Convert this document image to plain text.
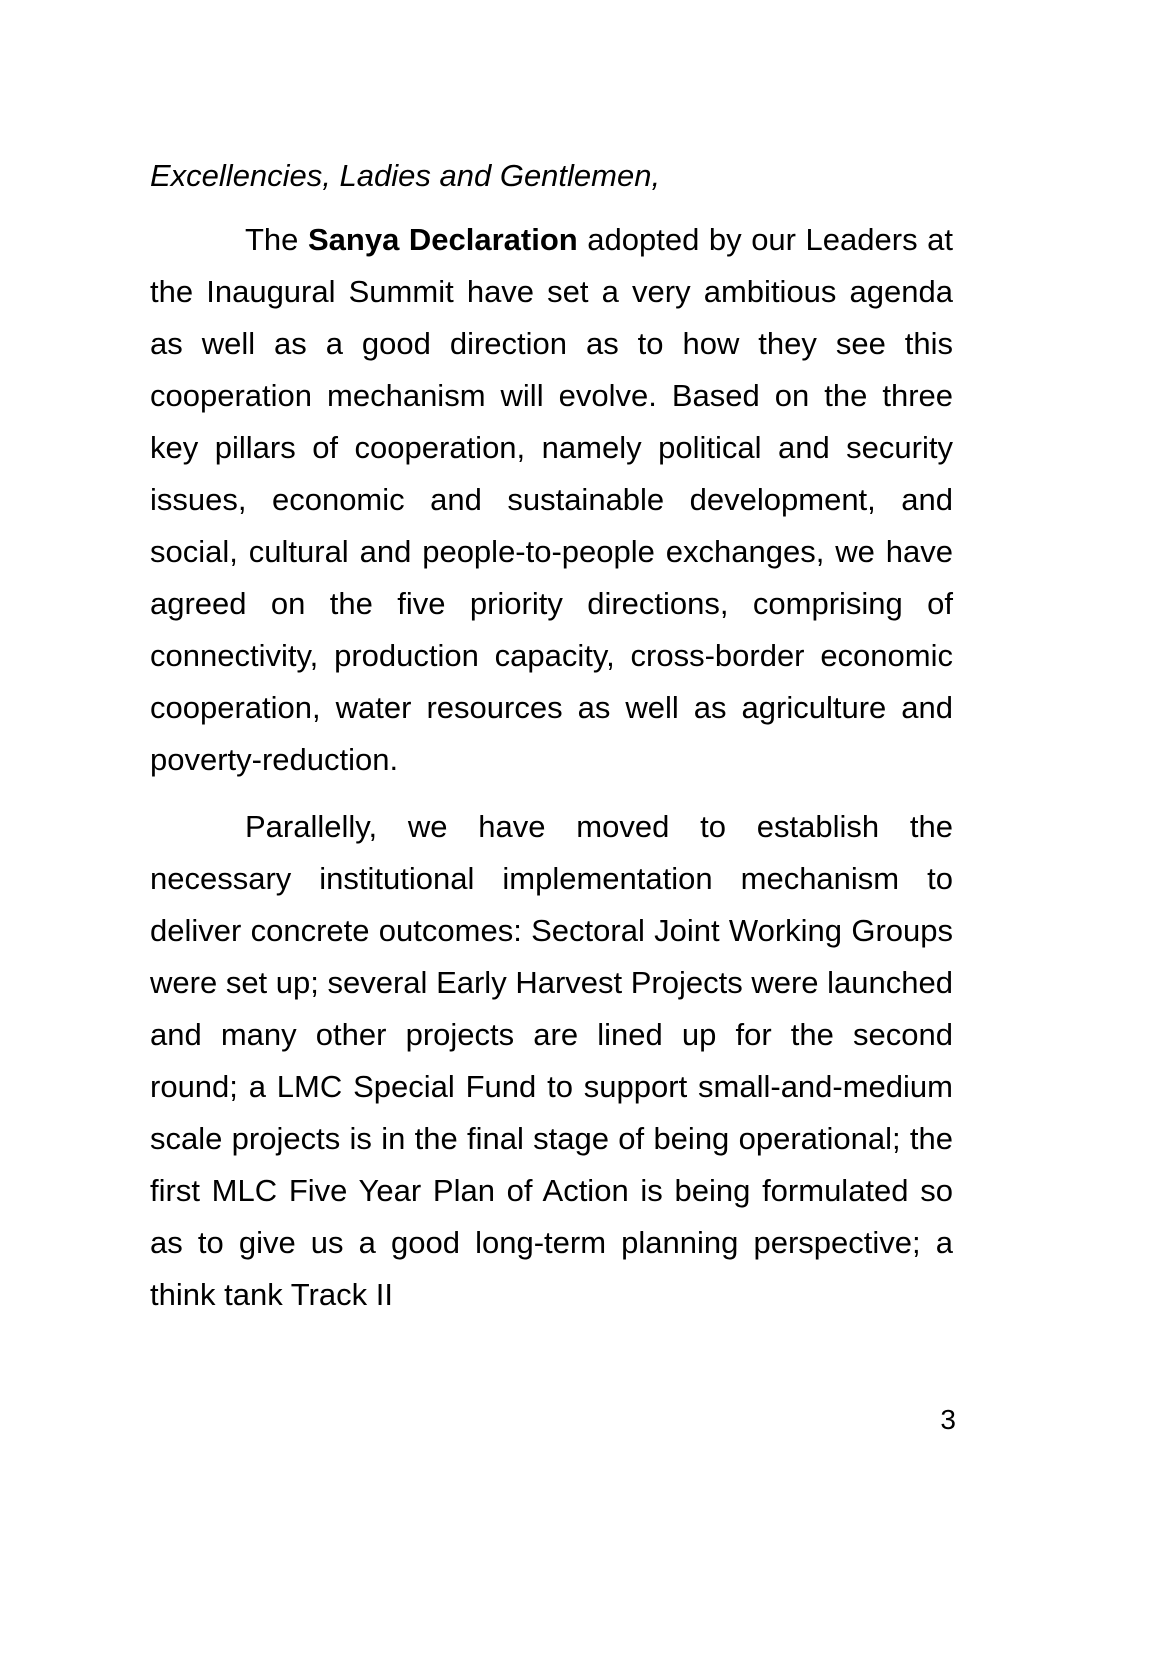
Excellencies, Ladies and Gentlemen,

The Sanya Declaration adopted by our Leaders at the Inaugural Summit have set a very ambitious agenda as well as a good direction as to how they see this cooperation mechanism will evolve. Based on the three key pillars of cooperation, namely political and security issues, economic and sustainable development, and social, cultural and people-to-people exchanges, we have agreed on the five priority directions, comprising of connectivity, production capacity, cross-border economic cooperation, water resources as well as agriculture and poverty-reduction.

Parallelly, we have moved to establish the necessary institutional implementation mechanism to deliver concrete outcomes: Sectoral Joint Working Groups were set up; several Early Harvest Projects were launched and many other projects are lined up for the second round; a LMC Special Fund to support small-and-medium scale projects is in the final stage of being operational; the first MLC Five Year Plan of Action is being formulated so as to give us a good long-term planning perspective; a think tank Track II

3
